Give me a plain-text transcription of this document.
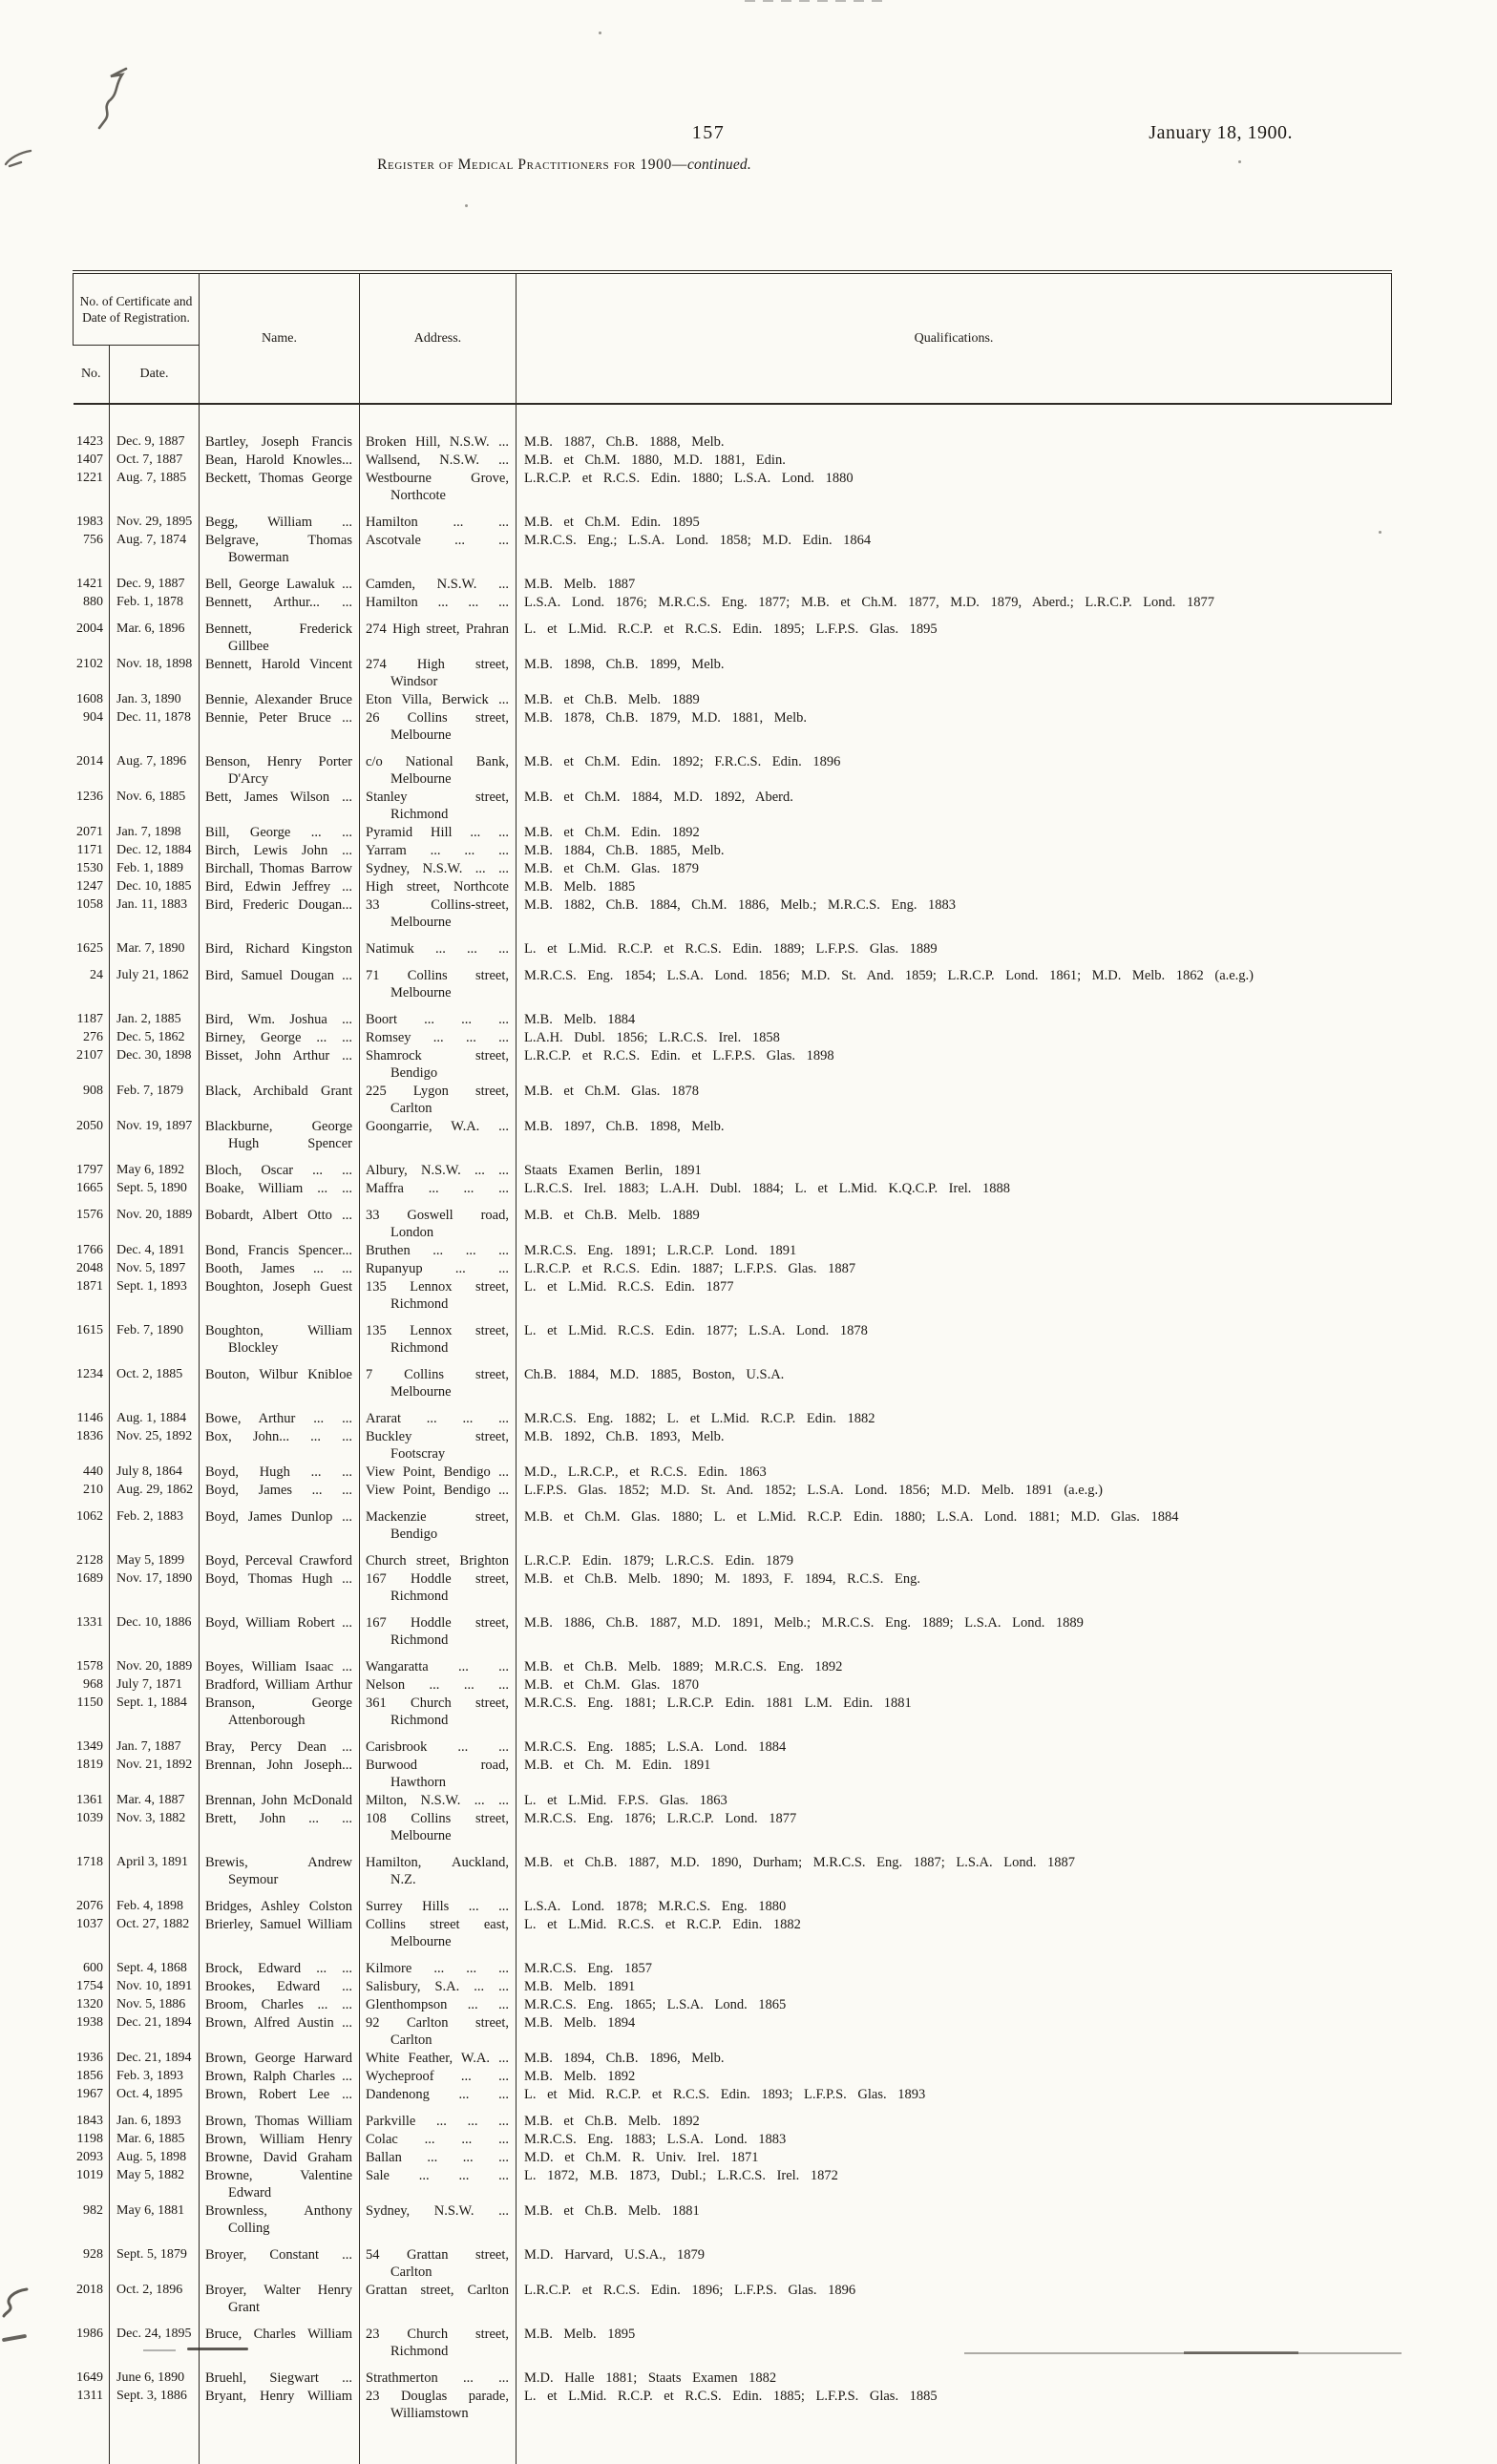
157	January 18, 1900.
Register of Medical Practitioners for 1900—continued.
No. of Certificate and Date of Registration.		Name.	Address.	Qualifications.
No.	Date.			
1423	Dec. 9, 1887	Bartley, Joseph Francis	Broken Hill, N.S.W. ...	M.B. 1887, Ch.B. 1888, Melb.
1407	Oct. 7, 1887	Bean, Harold Knowles...	Wallsend, N.S.W. ...	M.B. et Ch.M. 1880, M.D. 1881, Edin.
1221	Aug. 7, 1885	Beckett, Thomas George	Westbourne Grove, Northcote	L.R.C.P. et R.C.S. Edin. 1880; L.S.A. Lond. 1880
1983	Nov. 29, 1895	Begg, William ...	Hamilton ... ...	M.B. et Ch.M. Edin. 1895
756	Aug. 7, 1874	Belgrave, Thomas Bowerman	Ascotvale ... ...	M.R.C.S. Eng.; L.S.A. Lond. 1858; M.D. Edin. 1864
1421	Dec. 9, 1887	Bell, George Lawaluk ...	Camden, N.S.W. ...	M.B. Melb. 1887
880	Feb. 1, 1878	Bennett, Arthur... ...	Hamilton ... ... ...	L.S.A. Lond. 1876; M.R.C.S. Eng. 1877; M.B. et Ch.M. 1877, M.D. 1879, Aberd.; L.R.C.P. Lond. 1877
2004	Mar. 6, 1896	Bennett, Frederick Gillbee	274 High street, Prahran	L. et L.Mid. R.C.P. et R.C.S. Edin. 1895; L.F.P.S. Glas. 1895
2102	Nov. 18, 1898	Bennett, Harold Vincent	274 High street, Windsor	M.B. 1898, Ch.B. 1899, Melb.
1608	Jan. 3, 1890	Bennie, Alexander Bruce	Eton Villa, Berwick ...	M.B. et Ch.B. Melb. 1889
904	Dec. 11, 1878	Bennie, Peter Bruce ...	26 Collins street, Melbourne	M.B. 1878, Ch.B. 1879, M.D. 1881, Melb.
2014	Aug. 7, 1896	Benson, Henry Porter D'Arcy	c/o National Bank, Melbourne	M.B. et Ch.M. Edin. 1892; F.R.C.S. Edin. 1896
1236	Nov. 6, 1885	Bett, James Wilson ...	Stanley street, Richmond	M.B. et Ch.M. 1884, M.D. 1892, Aberd.
2071	Jan. 7, 1898	Bill, George ... ...	Pyramid Hill ... ...	M.B. et Ch.M. Edin. 1892
1171	Dec. 12, 1884	Birch, Lewis John ...	Yarram ... ... ...	M.B. 1884, Ch.B. 1885, Melb.
1530	Feb. 1, 1889	Birchall, Thomas Barrow	Sydney, N.S.W. ... ...	M.B. et Ch.M. Glas. 1879
1247	Dec. 10, 1885	Bird, Edwin Jeffrey ...	High street, Northcote	M.B. Melb. 1885
1058	Jan. 11, 1883	Bird, Frederic Dougan...	33 Collins-street, Melbourne	M.B. 1882, Ch.B. 1884, Ch.M. 1886, Melb.; M.R.C.S. Eng. 1883
1625	Mar. 7, 1890	Bird, Richard Kingston	Natimuk ... ... ...	L. et L.Mid. R.C.P. et R.C.S. Edin. 1889; L.F.P.S. Glas. 1889
24	July 21, 1862	Bird, Samuel Dougan ...	71 Collins street, Melbourne	M.R.C.S. Eng. 1854; L.S.A. Lond. 1856; M.D. St. And. 1859; L.R.C.P. Lond. 1861; M.D. Melb. 1862 (a.e.g.)
1187	Jan. 2, 1885	Bird, Wm. Joshua ...	Boort ... ... ...	M.B. Melb. 1884
276	Dec. 5, 1862	Birney, George ... ...	Romsey ... ... ...	L.A.H. Dubl. 1856; L.R.C.S. Irel. 1858
2107	Dec. 30, 1898	Bisset, John Arthur ...	Shamrock street, Bendigo	L.R.C.P. et R.C.S. Edin. et L.F.P.S. Glas. 1898
908	Feb. 7, 1879	Black, Archibald Grant	225 Lygon street, Carlton	M.B. et Ch.M. Glas. 1878
2050	Nov. 19, 1897	Blackburne, George Hugh Spencer	Goongarrie, W.A. ...	M.B. 1897, Ch.B. 1898, Melb.
1797	May 6, 1892	Bloch, Oscar ... ...	Albury, N.S.W. ... ...	Staats Examen Berlin, 1891
1665	Sept. 5, 1890	Boake, William ... ...	Maffra ... ... ...	L.R.C.S. Irel. 1883; L.A.H. Dubl. 1884; L. et L.Mid. K.Q.C.P. Irel. 1888
1576	Nov. 20, 1889	Bobardt, Albert Otto ...	33 Goswell road, London	M.B. et Ch.B. Melb. 1889
1766	Dec. 4, 1891	Bond, Francis Spencer...	Bruthen ... ... ...	M.R.C.S. Eng. 1891; L.R.C.P. Lond. 1891
2048	Nov. 5, 1897	Booth, James ... ...	Rupanyup ... ...	L.R.C.P. et R.C.S. Edin. 1887; L.F.P.S. Glas. 1887
1871	Sept. 1, 1893	Boughton, Joseph Guest	135 Lennox street, Richmond	L. et L.Mid. R.C.S. Edin. 1877
1615	Feb. 7, 1890	Boughton, William Blockley	135 Lennox street, Richmond	L. et L.Mid. R.C.S. Edin. 1877; L.S.A. Lond. 1878
1234	Oct. 2, 1885	Bouton, Wilbur Knibloe	7 Collins street, Melbourne	Ch.B. 1884, M.D. 1885, Boston, U.S.A.
1146	Aug. 1, 1884	Bowe, Arthur ... ...	Ararat ... ... ...	M.R.C.S. Eng. 1882; L. et L.Mid. R.C.P. Edin. 1882
1836	Nov. 25, 1892	Box, John... ... ...	Buckley street, Footscray	M.B. 1892, Ch.B. 1893, Melb.
440	July 8, 1864	Boyd, Hugh ... ...	View Point, Bendigo ...	M.D., L.R.C.P., et R.C.S. Edin. 1863
210	Aug. 29, 1862	Boyd, James ... ...	View Point, Bendigo ...	L.F.P.S. Glas. 1852; M.D. St. And. 1852; L.S.A. Lond. 1856; M.D. Melb. 1891 (a.e.g.)
1062	Feb. 2, 1883	Boyd, James Dunlop ...	Mackenzie street, Bendigo	M.B. et Ch.M. Glas. 1880; L. et L.Mid. R.C.P. Edin. 1880; L.S.A. Lond. 1881; M.D. Glas. 1884
2128	May 5, 1899	Boyd, Perceval Crawford	Church street, Brighton	L.R.C.P. Edin. 1879; L.R.C.S. Edin. 1879
1689	Nov. 17, 1890	Boyd, Thomas Hugh ...	167 Hoddle street, Richmond	M.B. et Ch.B. Melb. 1890; M. 1893, F. 1894, R.C.S. Eng.
1331	Dec. 10, 1886	Boyd, William Robert ...	167 Hoddle street, Richmond	M.B. 1886, Ch.B. 1887, M.D. 1891, Melb.; M.R.C.S. Eng. 1889; L.S.A. Lond. 1889
1578	Nov. 20, 1889	Boyes, William Isaac ...	Wangaratta ... ...	M.B. et Ch.B. Melb. 1889; M.R.C.S. Eng. 1892
968	July 7, 1871	Bradford, William Arthur	Nelson ... ... ...	M.B. et Ch.M. Glas. 1870
1150	Sept. 1, 1884	Branson, George Attenborough	361 Church street, Richmond	M.R.C.S. Eng. 1881; L.R.C.P. Edin. 1881 L.M. Edin. 1881
1349	Jan. 7, 1887	Bray, Percy Dean ...	Carisbrook ... ...	M.R.C.S. Eng. 1885; L.S.A. Lond. 1884
1819	Nov. 21, 1892	Brennan, John Joseph...	Burwood road, Hawthorn	M.B. et Ch. M. Edin. 1891
1361	Mar. 4, 1887	Brennan, John McDonald	Milton, N.S.W. ... ...	L. et L.Mid. F.P.S. Glas. 1863
1039	Nov. 3, 1882	Brett, John ... ...	108 Collins street, Melbourne	M.R.C.S. Eng. 1876; L.R.C.P. Lond. 1877
1718	April 3, 1891	Brewis, Andrew Seymour	Hamilton, Auckland, N.Z.	M.B. et Ch.B. 1887, M.D. 1890, Durham; M.R.C.S. Eng. 1887; L.S.A. Lond. 1887
2076	Feb. 4, 1898	Bridges, Ashley Colston	Surrey Hills ... ...	L.S.A. Lond. 1878; M.R.C.S. Eng. 1880
1037	Oct. 27, 1882	Brierley, Samuel William	Collins street east, Melbourne	L. et L.Mid. R.C.S. et R.C.P. Edin. 1882
600	Sept. 4, 1868	Brock, Edward ... ...	Kilmore ... ... ...	M.R.C.S. Eng. 1857
1754	Nov. 10, 1891	Brookes, Edward ...	Salisbury, S.A. ... ...	M.B. Melb. 1891
1320	Nov. 5, 1886	Broom, Charles ... ...	Glenthompson ... ...	M.R.C.S. Eng. 1865; L.S.A. Lond. 1865
1938	Dec. 21, 1894	Brown, Alfred Austin ...	92 Carlton street, Carlton	M.B. Melb. 1894
1936	Dec. 21, 1894	Brown, George Harward	White Feather, W.A. ...	M.B. 1894, Ch.B. 1896, Melb.
1856	Feb. 3, 1893	Brown, Ralph Charles ...	Wycheproof ... ...	M.B. Melb. 1892
1967	Oct. 4, 1895	Brown, Robert Lee ...	Dandenong ... ...	L. et Mid. R.C.P. et R.C.S. Edin. 1893; L.F.P.S. Glas. 1893
1843	Jan. 6, 1893	Brown, Thomas William	Parkville ... ... ...	M.B. et Ch.B. Melb. 1892
1198	Mar. 6, 1885	Brown, William Henry	Colac ... ... ...	M.R.C.S. Eng. 1883; L.S.A. Lond. 1883
2093	Aug. 5, 1898	Browne, David Graham	Ballan ... ... ...	M.D. et Ch.M. R. Univ. Irel. 1871
1019	May 5, 1882	Browne, Valentine Edward	Sale ... ... ...	L. 1872, M.B. 1873, Dubl.; L.R.C.S. Irel. 1872
982	May 6, 1881	Brownless, Anthony Colling	Sydney, N.S.W. ...	M.B. et Ch.B. Melb. 1881
928	Sept. 5, 1879	Broyer, Constant ...	54 Grattan street, Carlton	M.D. Harvard, U.S.A., 1879
2018	Oct. 2, 1896	Broyer, Walter Henry Grant	Grattan street, Carlton	L.R.C.P. et R.C.S. Edin. 1896; L.F.P.S. Glas. 1896
1986	Dec. 24, 1895	Bruce, Charles William	23 Church street, Richmond	M.B. Melb. 1895
1649	June 6, 1890	Bruehl, Siegwart ...	Strathmerton ... ...	M.D. Halle 1881; Staats Examen 1882
1311	Sept. 3, 1886	Bryant, Henry William	23 Douglas parade, Williamstown	L. et L.Mid. R.C.P. et R.C.S. Edin. 1885; L.F.P.S. Glas. 1885
